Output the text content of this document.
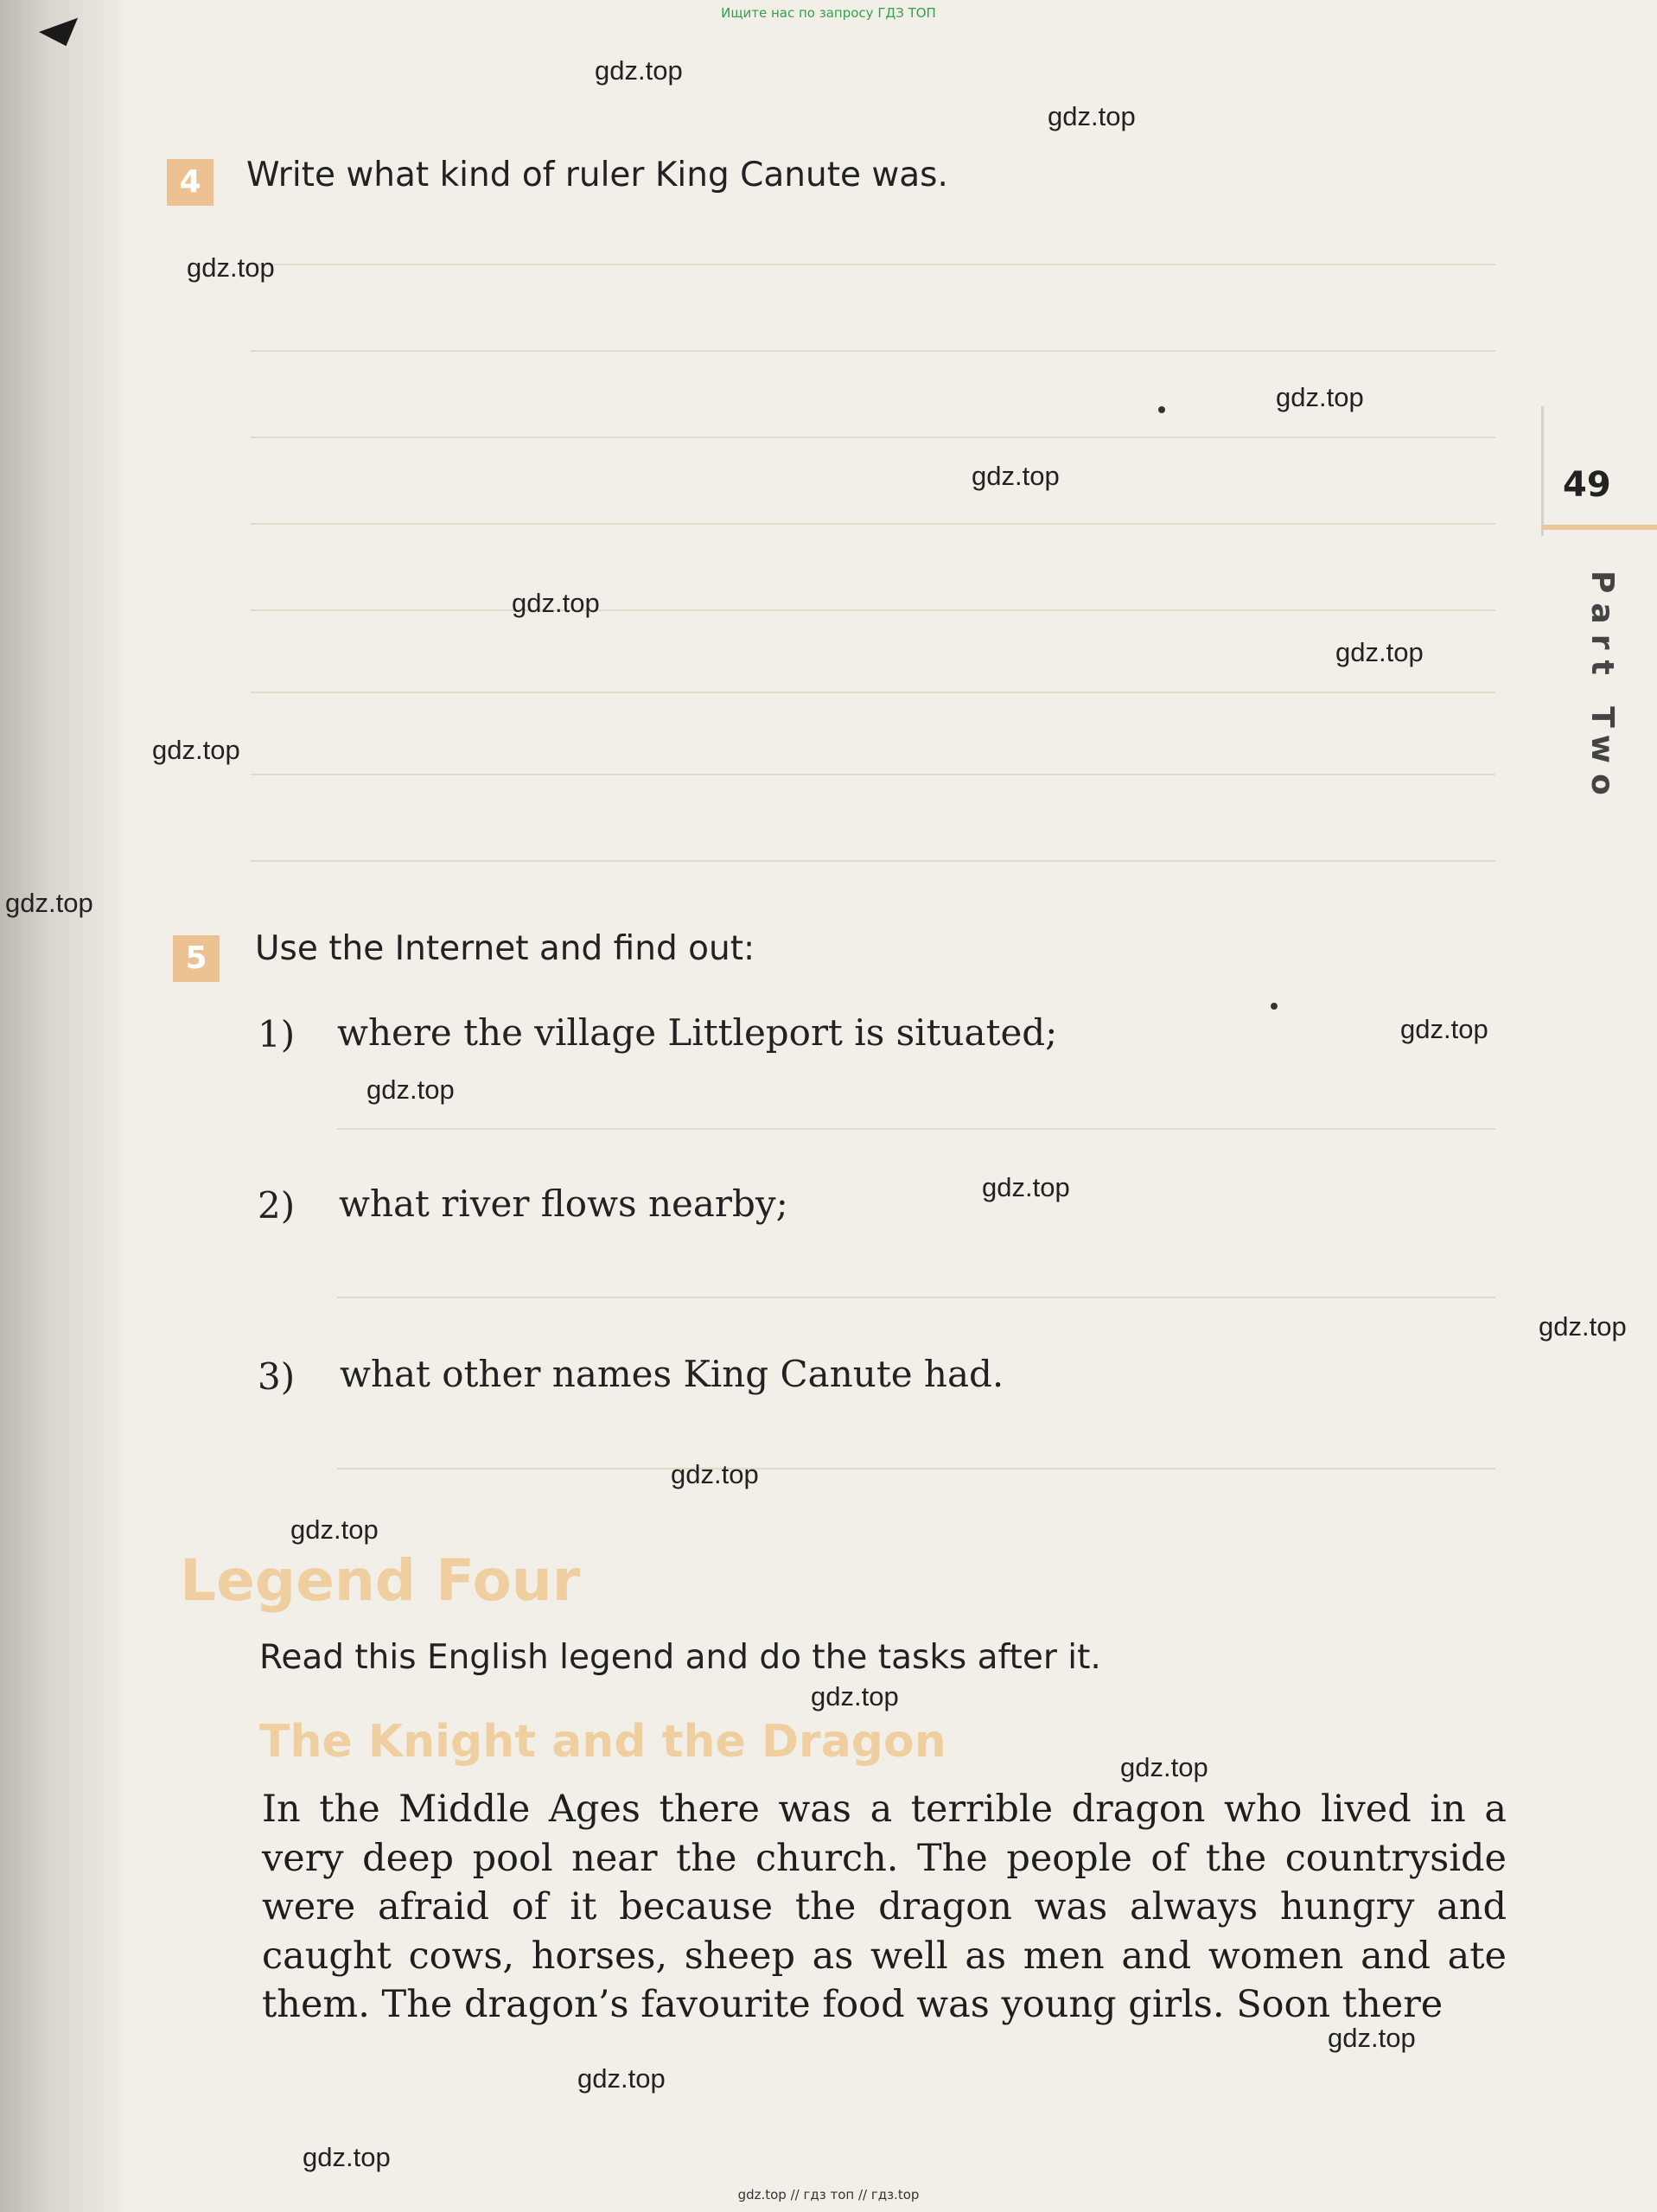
Ищите нас по запросу ГДЗ ТОП
49
Part Two
4	Write what kind of ruler King Canute was.
5	Use the Internet and find out:
1) where the village Littleport is situated;
2) what river flows nearby;
3) what other names King Canute had.
Legend Four
Read this English legend and do the tasks after it.
The Knight and the Dragon
In the Middle Ages there was a terrible dragon who lived in a very deep pool near the church. The people of the countryside were afraid of it because the dragon was always hungry and caught cows, horses, sheep as well as men and women and ate them. The dragon’s favourite food was young girls. Soon there
gdz.top
gdz.top
gdz.top
gdz.top
gdz.top
gdz.top
gdz.top
gdz.top
gdz.top
gdz.top
gdz.top
gdz.top
gdz.top
gdz.top
gdz.top
gdz.top
gdz.top
gdz.top
gdz.top
gdz.top
gdz.top // гдз топ // гдз.top
